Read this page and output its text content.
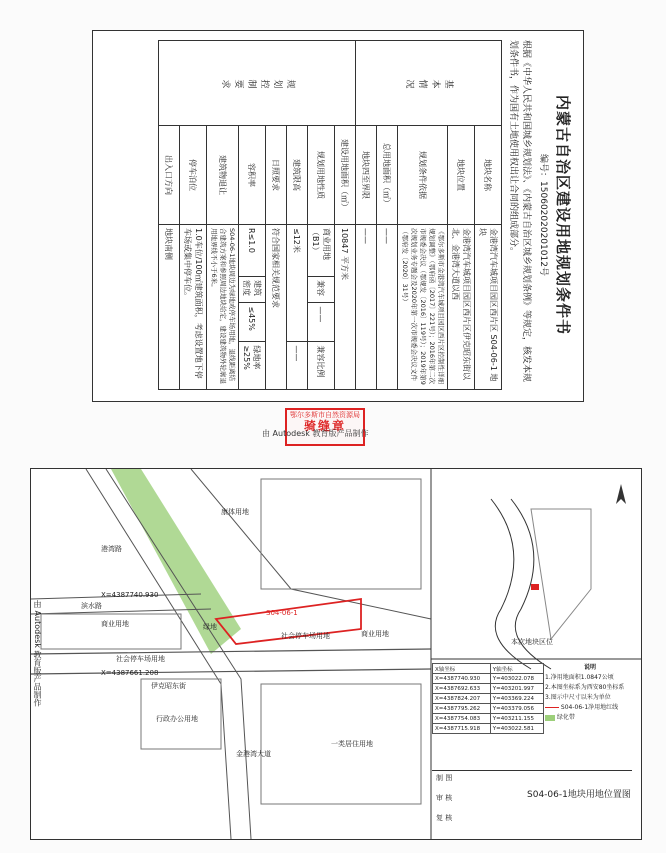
内蒙古自治区建设用地规划条件书
编号：150602020201012号
根据《中华人民共和国城乡规划法》、《内蒙古自治区城乡规划条例》等规定，核发本规划条件书，作为国有土地使用权出让合同的组成部分。
基本情况	地块名称	金港湾汽车城项目园区西片区 S04-06-1 地块			
	地块位置	金港湾汽车城项目园区西片区伊克昭东街以北、金港湾大道以西			
	规划条件依据	《鄂尔多斯市金港湾汽车城项目园区西片区控制性详细规划调整》（鄂府函〔2017〕221号）；2016年第二次市规委会决议（鄂规发〔2016〕119号）；2019年第9次规划业务专题会及2020年第一次市规委会决议文件（鄂府发〔2020〕31号）			
	总用地面积（㎡）	——			
	地块四至界限	——			
规划控制要求	建设用地面积（㎡）	10847 平方米			
	规划用地性质	商业用地（B1）	兼容	——	兼容比例
	建筑限高	≤12米			——
	日照要求	符合国家相关规范要求			
	容积率	R≤1.0	建筑密度	≤45%	绿地率 ≥25%
	建筑物退让	S04-06-1地块周边为绿地或停车场用地，退线距离结合建筑方案和参照周边地块给定，建设建筑物外轮廓退用地界线不小于6米。			
	停车泊位	1.0车位/100㎡建筑面积，考虑设置地下停车场或集中停车位。			
	出入口方向	地块南侧			
鄂尔多斯市自然资源局
骑缝章
由 Autodesk 教育版产品制作
康体用地
商业用地
商业用地
社会停车场用地
社会停车场用地
S04-06-1
绿地
行政办公用地
一类居住用地
伊克昭东街
港湾路
滨水路
金港湾大道
X=4387740.930
X=4387661.208
本次地块区位
由 Autodesk 教育版产品制作	X轴坐标	Y轴坐标
X=4387740.930	Y=403022.078
X=4387692.633	Y=403201.997
X=4387824.207	Y=403369.224
X=4387795.262	Y=403379.056
X=4387754.083	Y=403211.155
X=4387715.918	Y=403022.581
说明
1.净用地面积1.0847公顷
2.本图坐标系为西安80坐标系
3.图示中尺寸以米为单位
S04-06-1净用地红线
绿化带
制 图
审 核
复 核
S04-06-1地块用地位置图
